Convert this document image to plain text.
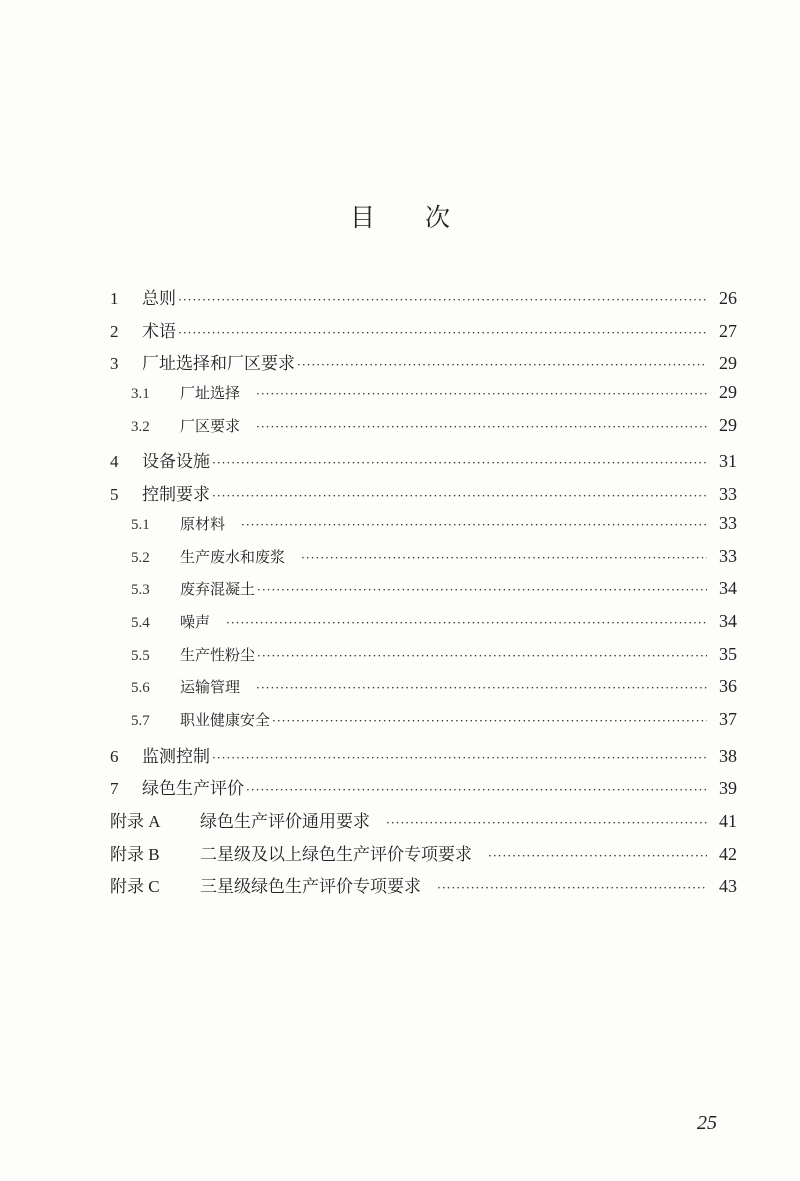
目次
1	总则 ·····	26
2	术语 ·····	27
3	厂址选择和厂区要求 ·····	29
3.1	厂址选择 ·····	29
3.2	厂区要求 ·····	29
4	设备设施 ·····	31
5	控制要求 ·····	33
5.1	原材料 ·····	33
5.2	生产废水和废浆 ·····	33
5.3	废弃混凝土 ·····	34
5.4	噪声 ·····	34
5.5	生产性粉尘 ·····	35
5.6	运输管理 ·····	36
5.7	职业健康安全 ·····	37
6	监测控制 ·····	38
7	绿色生产评价 ·····	39
附录 A	绿色生产评价通用要求 ·····	41
附录 B	二星级及以上绿色生产评价专项要求 ·····	42
附录 C	三星级绿色生产评价专项要求 ·····	43
25
